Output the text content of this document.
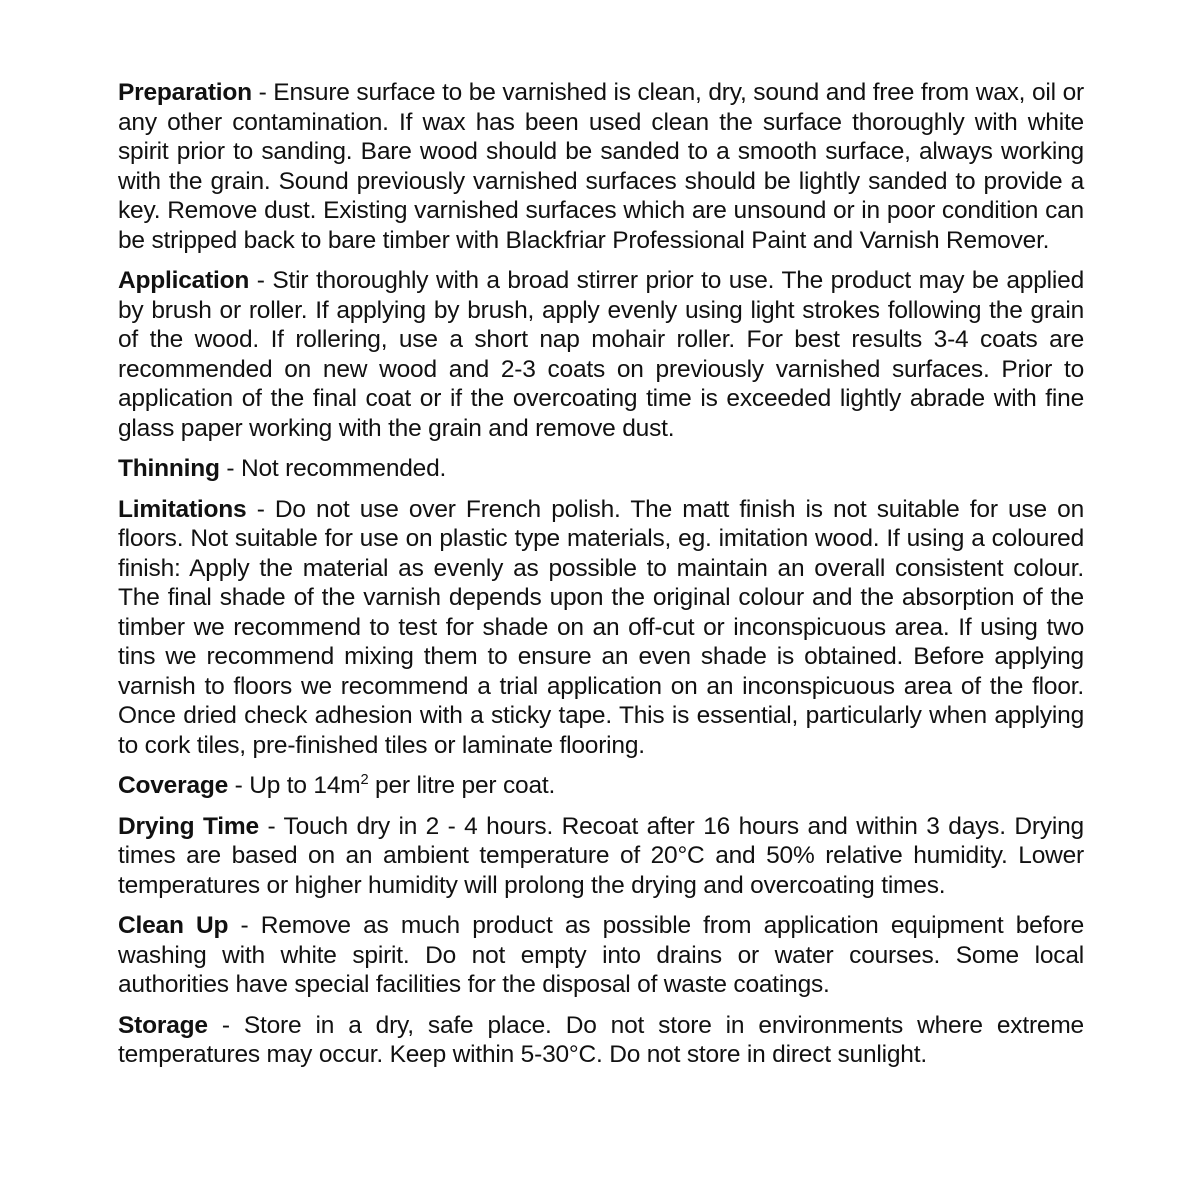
Preparation - Ensure surface to be varnished is clean, dry, sound and free from wax, oil or any other contamination. If wax has been used clean the surface thoroughly with white spirit prior to sanding. Bare wood should be sanded to a smooth surface, always working with the grain. Sound previously varnished surfaces should be lightly sanded to provide a key. Remove dust. Existing varnished surfaces which are unsound or in poor condition can be stripped back to bare timber with Blackfriar Professional Paint and Varnish Remover.

Application - Stir thoroughly with a broad stirrer prior to use. The product may be applied by brush or roller. If applying by brush, apply evenly using light strokes following the grain of the wood. If rollering, use a short nap mohair roller. For best results 3-4 coats are recommended on new wood and 2-3 coats on previously varnished surfaces. Prior to application of the final coat or if the overcoating time is exceeded lightly abrade with fine glass paper working with the grain and remove dust.

Thinning - Not recommended.

Limitations - Do not use over French polish. The matt finish is not suitable for use on floors. Not suitable for use on plastic type materials, eg. imitation wood. If using a coloured finish: Apply the material as evenly as possible to maintain an overall consistent colour. The final shade of the varnish depends upon the original colour and the absorption of the timber we recommend to test for shade on an off-cut or inconspicuous area. If using two tins we recommend mixing them to ensure an even shade is obtained. Before applying varnish to floors we recommend a trial application on an inconspicuous area of the floor. Once dried check adhesion with a sticky tape. This is essential, particularly when applying to cork tiles, pre-finished tiles or laminate flooring.

Coverage - Up to $14m^2$ per litre per coat.

Drying Time - Touch dry in 2 - 4 hours. Recoat after 16 hours and within 3 days. Drying times are based on an ambient temperature of 20°C and 50% relative humidity. Lower temperatures or higher humidity will prolong the drying and overcoating times.

Clean Up - Remove as much product as possible from application equipment before washing with white spirit. Do not empty into drains or water courses. Some local authorities have special facilities for the disposal of waste coatings.

Storage - Store in a dry, safe place. Do not store in environments where extreme temperatures may occur. Keep within 5-30°C. Do not store in direct sunlight.
